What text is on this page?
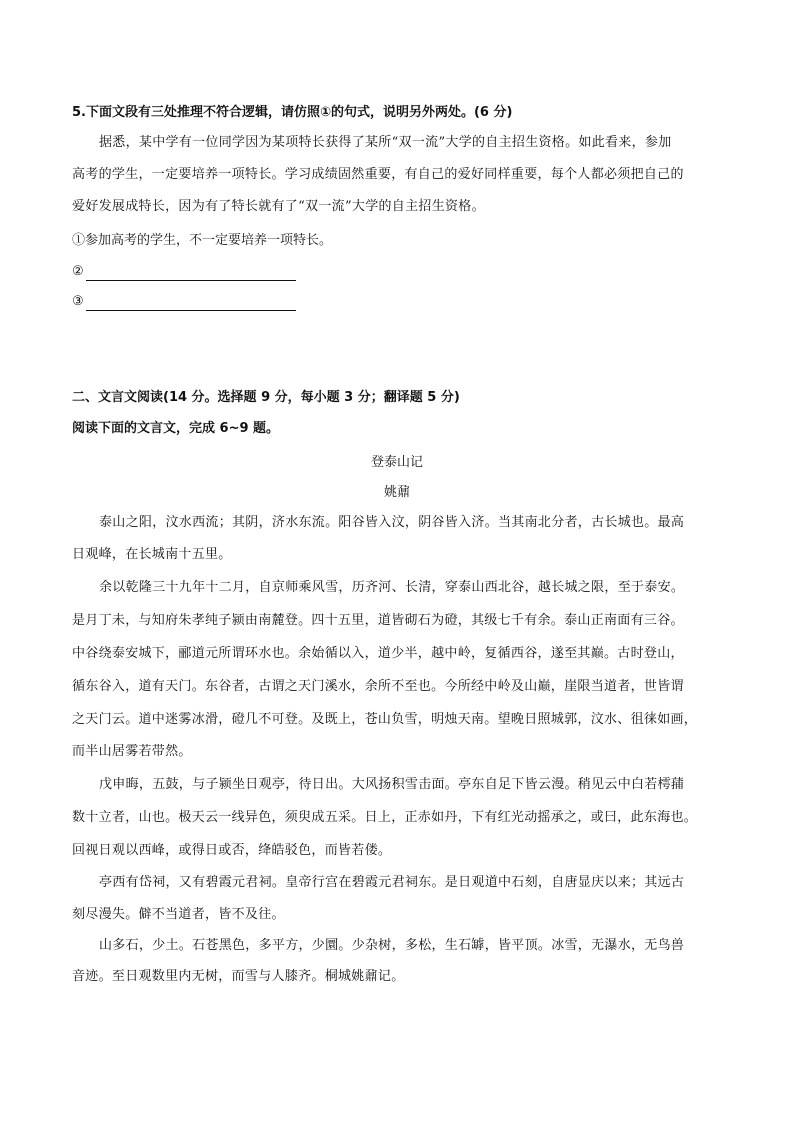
5.下面文段有三处推理不符合逻辑，请仿照①的句式，说明另外两处。(6 分)
据悉，某中学有一位同学因为某项特长获得了某所“双一流”大学的自主招生资格。如此看来，参加
高考的学生，一定要培养一项特长。学习成绩固然重要，有自己的爱好同样重要，每个人都必须把自己的
爱好发展成特长，因为有了特长就有了“双一流”大学的自主招生资格。
①参加高考的学生，不一定要培养一项特长。
②
③
二、文言文阅读(14 分。选择题 9 分，每小题 3 分；翻译题 5 分)
阅读下面的文言文，完成 6~9 题。
登泰山记
姚鼐
泰山之阳，汶水西流；其阴，济水东流。阳谷皆入汶，阴谷皆入济。当其南北分者，古长城也。最高
日观峰，在长城南十五里。
余以乾隆三十九年十二月，自京师乘风雪，历齐河、长清，穿泰山西北谷，越长城之限，至于泰安。
是月丁未，与知府朱孝纯子颍由南麓登。四十五里，道皆砌石为磴，其级七千有余。泰山正南面有三谷。
中谷绕泰安城下，郦道元所谓环水也。余始循以入，道少半，越中岭，复循西谷，遂至其巅。古时登山，
循东谷入，道有天门。东谷者，古谓之天门溪水，余所不至也。今所经中岭及山巅，崖限当道者，世皆谓
之天门云。道中迷雾冰滑，磴几不可登。及既上，苍山负雪，明烛天南。望晚日照城郭，汶水、徂徕如画，
而半山居雾若带然。
戊申晦，五鼓，与子颍坐日观亭，待日出。大风扬积雪击面。亭东自足下皆云漫。稍见云中白若樗蒱
数十立者，山也。极天云一线异色，须臾成五采。日上，正赤如丹，下有红光动摇承之，或曰，此东海也。
回视日观以西峰，或得日或否，绛皓驳色，而皆若偻。
亭西有岱祠，又有碧霞元君祠。皇帝行宫在碧霞元君祠东。是日观道中石刻，自唐显庆以来；其远古
刻尽漫失。僻不当道者，皆不及往。
山多石，少土。石苍黑色，多平方，少圜。少杂树，多松，生石罅，皆平顶。冰雪，无瀑水，无鸟兽
音迹。至日观数里内无树，而雪与人膝齐。桐城姚鼐记。
